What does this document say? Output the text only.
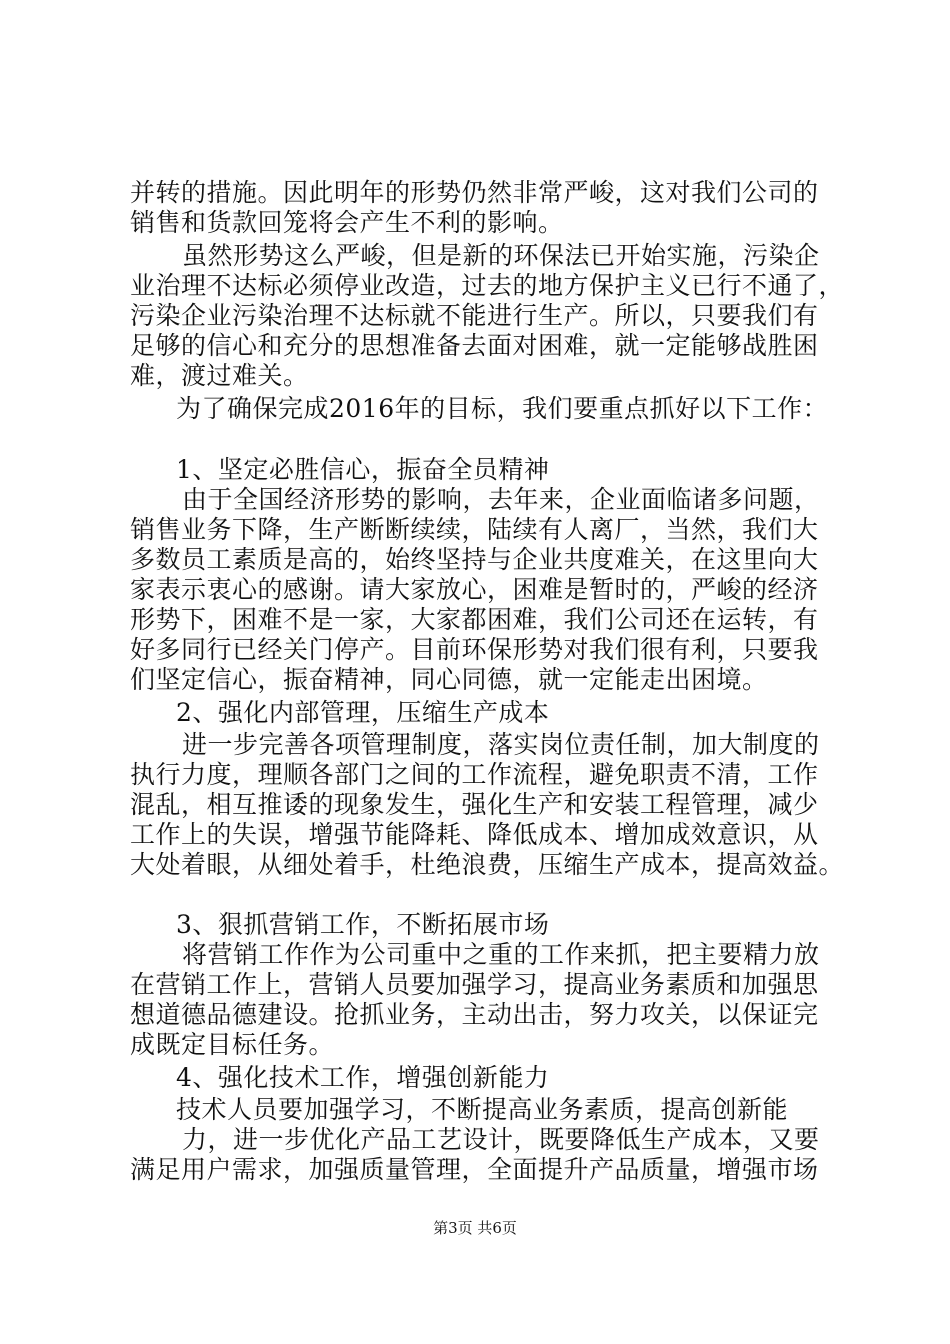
并转的措施。因此明年的形势仍然非常严峻，这对我们公司的
销售和货款回笼将会产生不利的影响。
虽然形势这么严峻，但是新的环保法已开始实施，污染企
业治理不达标必须停业改造，过去的地方保护主义已行不通了，
污染企业污染治理不达标就不能进行生产。所以，只要我们有
足够的信心和充分的思想准备去面对困难，就一定能够战胜困
难，渡过难关。
为了确保完成2016年的目标，我们要重点抓好以下工作：
1、坚定必胜信心，振奋全员精神
由于全国经济形势的影响，去年来，企业面临诸多问题，
销售业务下降，生产断断续续，陆续有人离厂，当然，我们大
多数员工素质是高的，始终坚持与企业共度难关，在这里向大
家表示衷心的感谢。请大家放心，困难是暂时的，严峻的经济
形势下，困难不是一家，大家都困难，我们公司还在运转，有
好多同行已经关门停产。目前环保形势对我们很有利，只要我
们坚定信心，振奋精神，同心同德，就一定能走出困境。
2、强化内部管理，压缩生产成本
进一步完善各项管理制度，落实岗位责任制，加大制度的
执行力度，理顺各部门之间的工作流程，避免职责不清，工作
混乱，相互推诿的现象发生，强化生产和安装工程管理，减少
工作上的失误，增强节能降耗、降低成本、增加成效意识，从
大处着眼，从细处着手，杜绝浪费，压缩生产成本，提高效益。
3、狠抓营销工作，不断拓展市场
将营销工作作为公司重中之重的工作来抓，把主要精力放
在营销工作上，营销人员要加强学习，提高业务素质和加强思
想道德品德建设。抢抓业务，主动出击，努力攻关，以保证完
成既定目标任务。
4、强化技术工作，增强创新能力
技术人员要加强学习，不断提高业务素质，提高创新能
力，进一步优化产品工艺设计，既要降低生产成本，又要
满足用户需求，加强质量管理，全面提升产品质量，增强市场
第3页 共6页
